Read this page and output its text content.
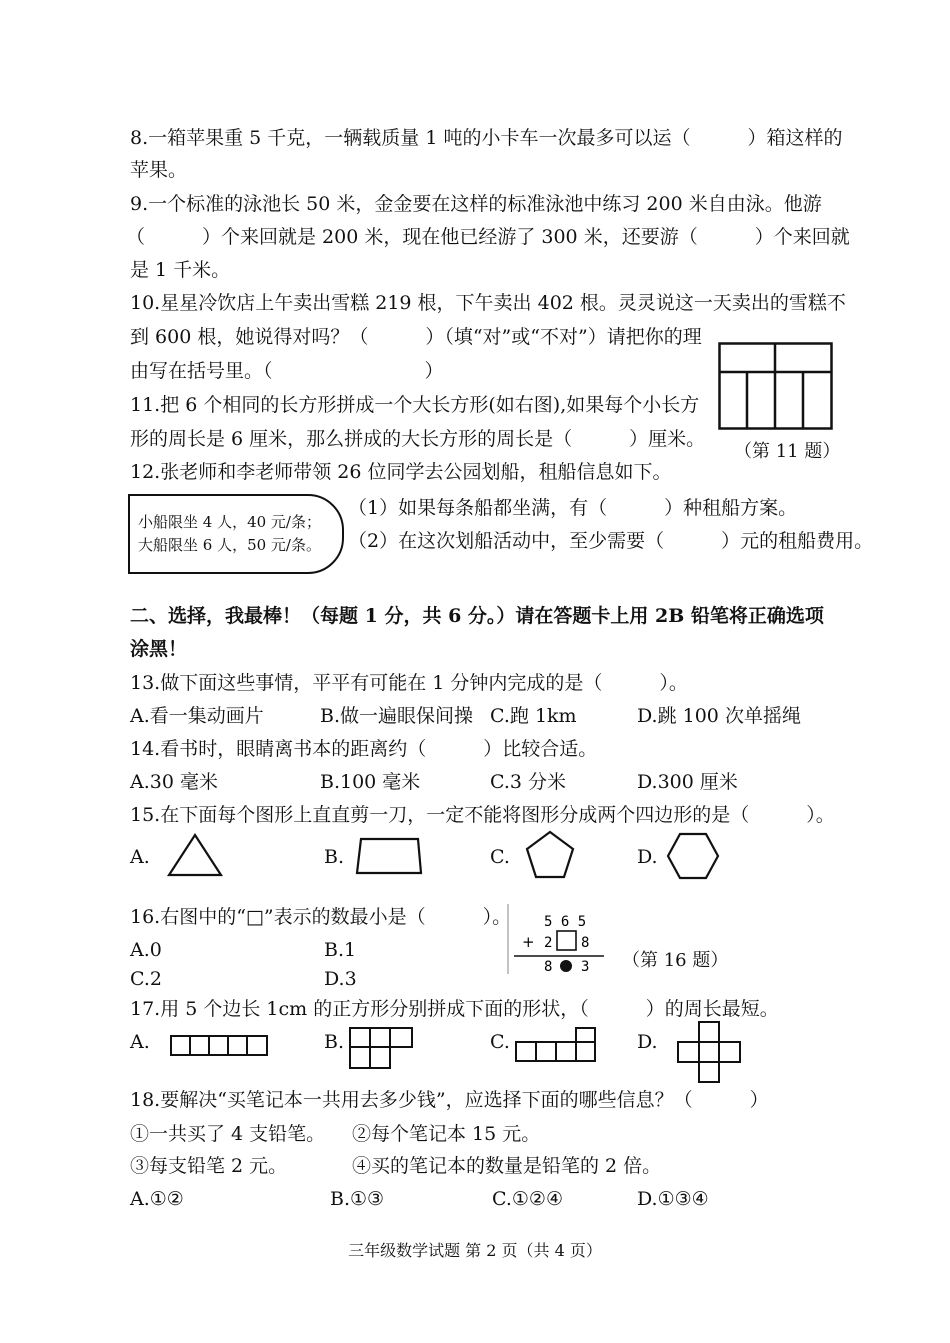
8.一箱苹果重 5 千克，一辆载质量 1 吨的小卡车一次最多可以运（　　　）箱这样的
苹果。
9.一个标准的泳池长 50 米，金金要在这样的标准泳池中练习 200 米自由泳。他游
（　　　）个来回就是 200 米，现在他已经游了 300 米，还要游（　　　）个来回就
是 1 千米。
10.星星冷饮店上午卖出雪糕 219 根，下午卖出 402 根。灵灵说这一天卖出的雪糕不
到 600 根，她说得对吗？（　　　）（填“对”或“不对”）请把你的理
由写在括号里。（　　　　　　　　）
11.把 6 个相同的长方形拼成一个大长方形(如右图),如果每个小长方
形的周长是 6 厘米，那么拼成的大长方形的周长是（　　　）厘米。
（第 11 题）
12.张老师和李老师带领 26 位同学去公园划船，租船信息如下。
小船限坐 4 人，40 元/条；
大船限坐 6 人，50 元/条。
（1）如果每条船都坐满，有（　　　）种租船方案。
（2）在这次划船活动中，至少需要（　　　）元的租船费用。
二、选择，我最棒！（每题 1 分，共 6 分。）请在答题卡上用 2B 铅笔将正确选项
涂黑！
13.做下面这些事情，平平有可能在 1 分钟内完成的是（　　　）。
A.看一集动画片	B.做一遍眼保间操 C.跑 1km	D.跳 100 次单摇绳
14.看书时，眼睛离书本的距离约（　　　）比较合适。
A.30 毫米	B.100 毫米	C.3 分米	D.300 厘米
15.在下面每个图形上直直剪一刀，一定不能将图形分成两个四边形的是（　　　）。
A.	B.	C.	D.
16.右图中的“□”表示的数最小是（　　　）。
A.0	B.1
C.2	D.3
5 6 5
+ 2 8
8 3 （第 16 题）
17.用 5 个边长 1cm 的正方形分别拼成下面的形状，（　　　）的周长最短。
A.	B.	C.	D.
18.要解决“买笔记本一共用去多少钱”，应选择下面的哪些信息？（　　　）
①一共买了 4 支铅笔。 ②每个笔记本 15 元。
③每支铅笔 2 元。	④买的笔记本的数量是铅笔的 2 倍。
A.①②	B.①③	C.①②④	D.①③④
三年级数学试题 第 2 页（共 4 页）
